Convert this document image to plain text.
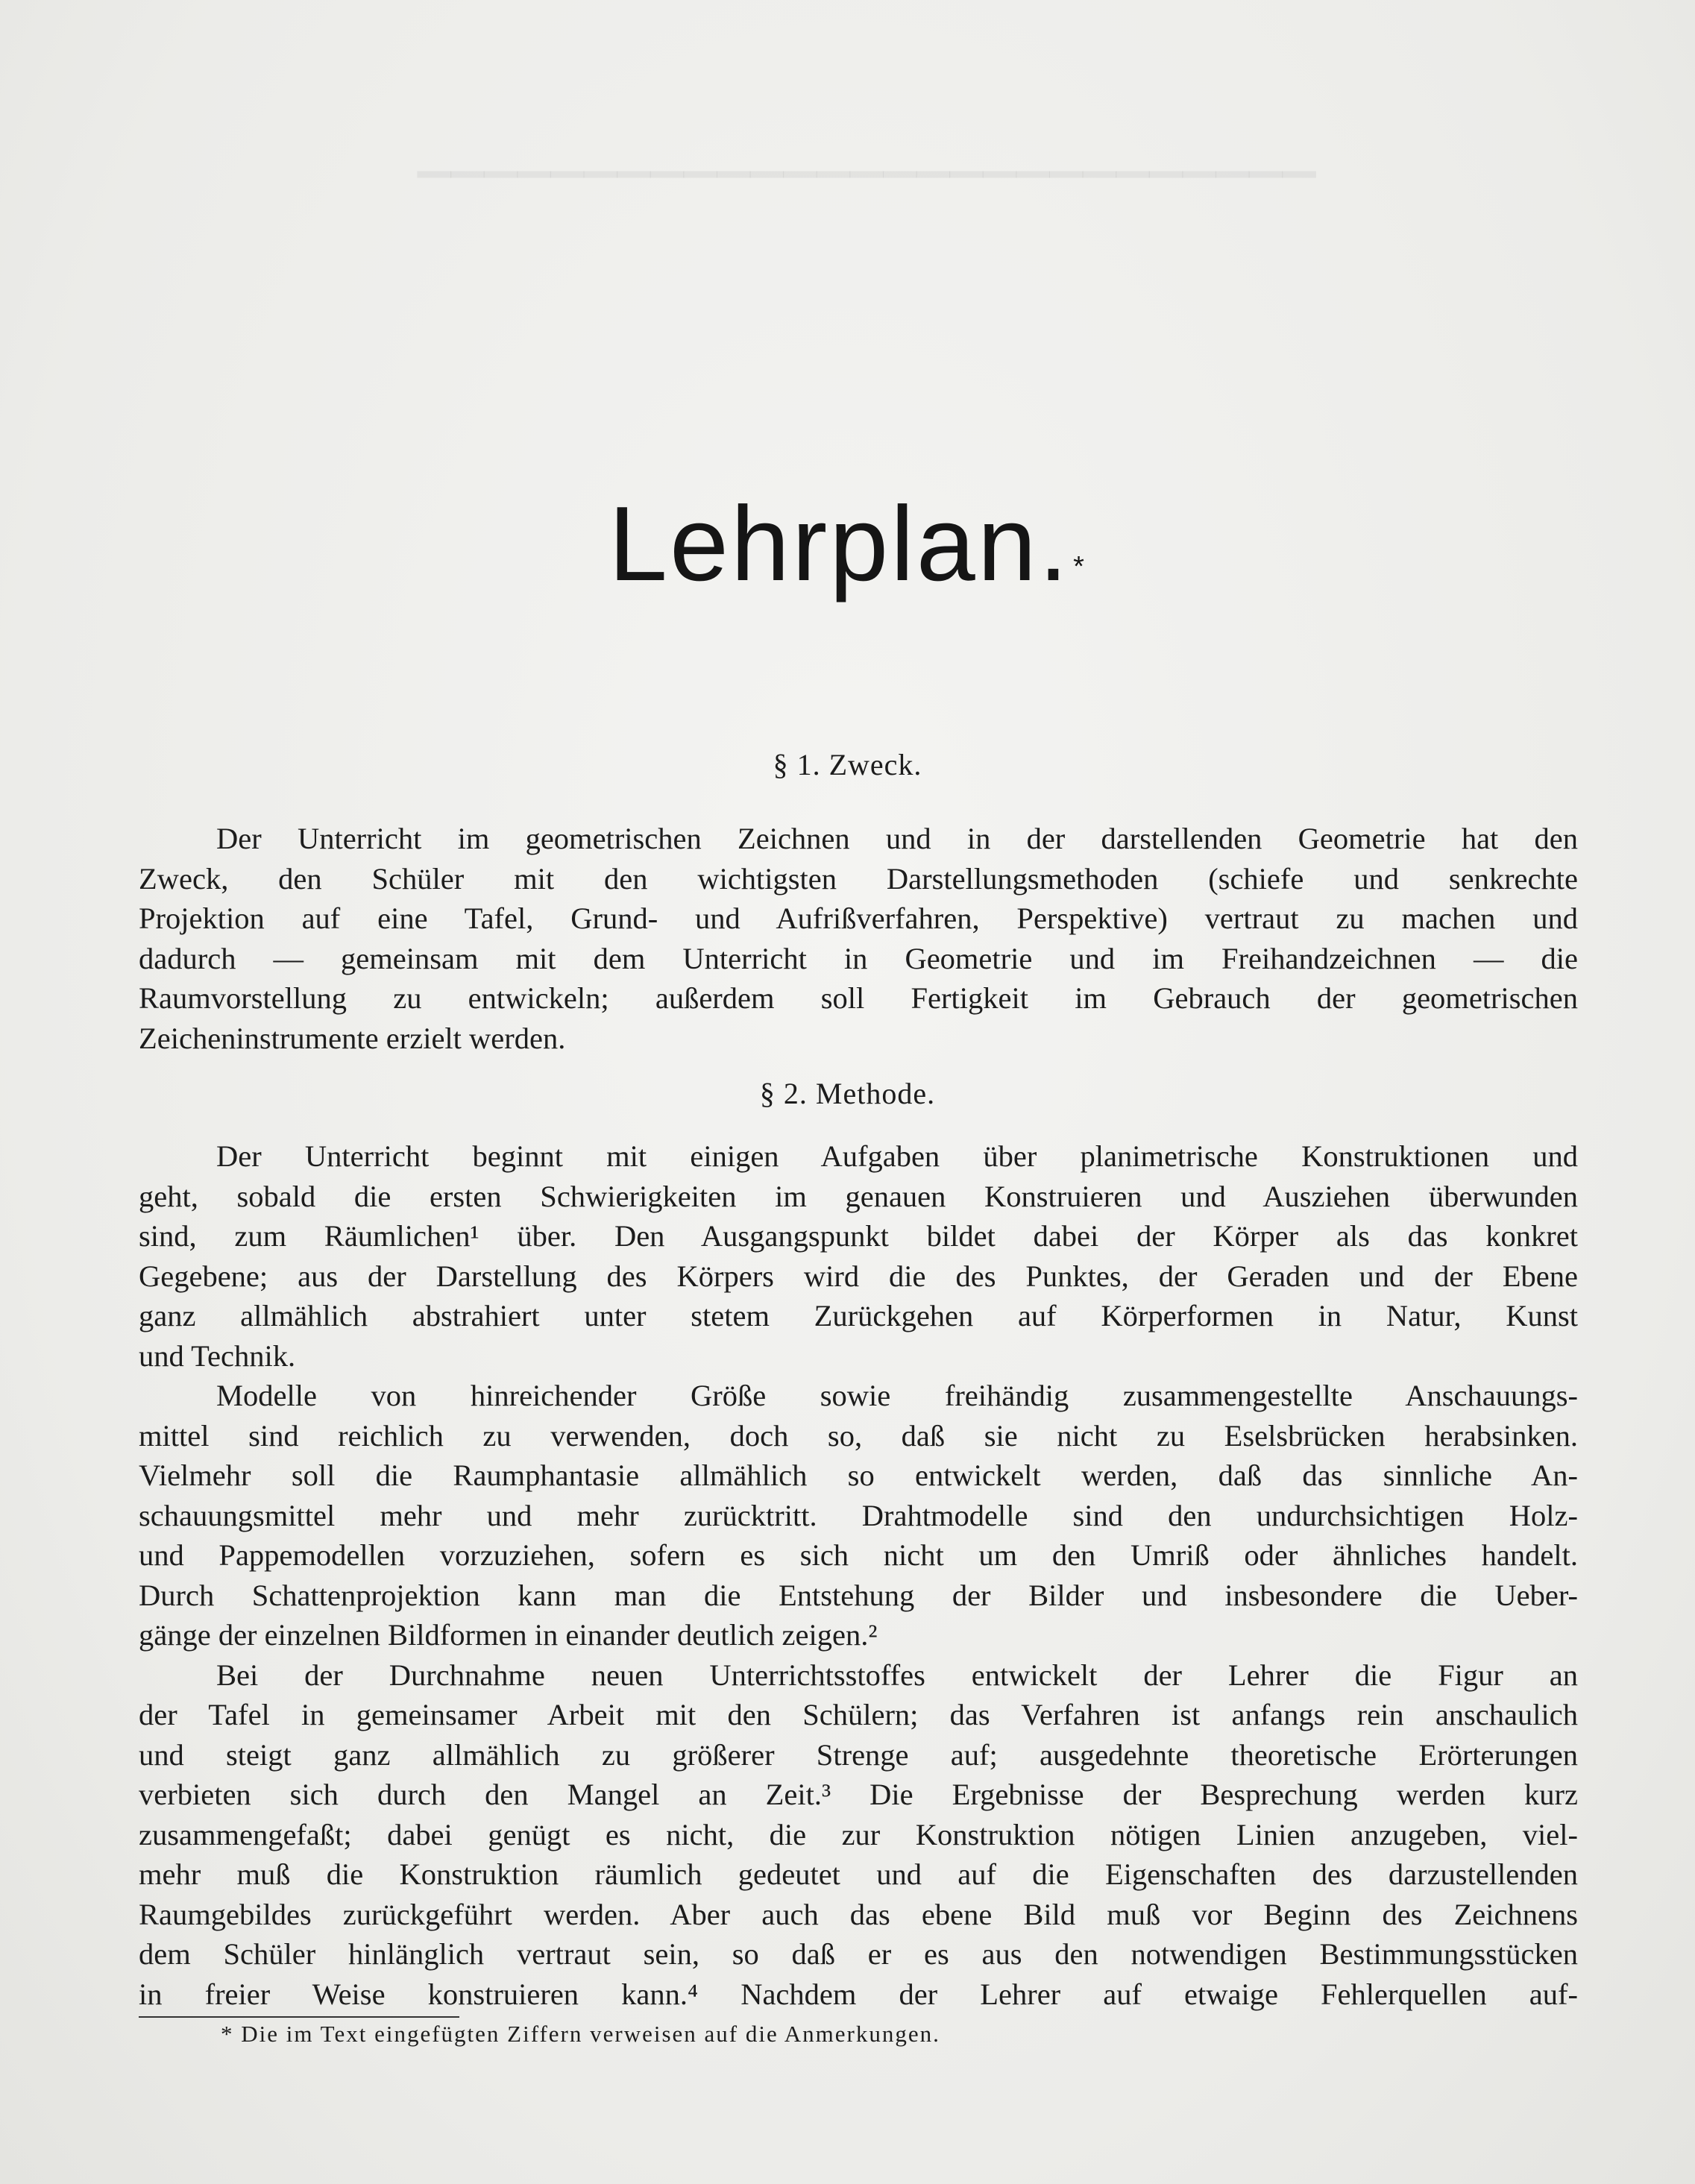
▁▁▁▁▁▁▁▁▁▁▁▁▁▁▁▁▁▁▁▁▁▁▁▁▁▁▁
Lehrplan. *
§ 1. Zweck.
Der Unterricht im geometrischen Zeichnen und in der darstellenden Geometrie hat den
Zweck, den Schüler mit den wichtigsten Darstellungsmethoden (schiefe und senkrechte
Projektion auf eine Tafel, Grund- und Aufrißverfahren, Perspektive) vertraut zu machen und
dadurch — gemeinsam mit dem Unterricht in Geometrie und im Freihandzeichnen — die
Raumvorstellung zu entwickeln; außerdem soll Fertigkeit im Gebrauch der geometrischen
Zeicheninstrumente erzielt werden.
§ 2. Methode.
Der Unterricht beginnt mit einigen Aufgaben über planimetrische Konstruktionen und
geht, sobald die ersten Schwierigkeiten im genauen Konstruieren und Ausziehen überwunden
sind, zum Räumlichen¹ über. Den Ausgangspunkt bildet dabei der Körper als das konkret
Gegebene; aus der Darstellung des Körpers wird die des Punktes, der Geraden und der Ebene
ganz allmählich abstrahiert unter stetem Zurückgehen auf Körperformen in Natur, Kunst
und Technik.
Modelle von hinreichender Größe sowie freihändig zusammengestellte Anschauungs-
mittel sind reichlich zu verwenden, doch so, daß sie nicht zu Eselsbrücken herabsinken.
Vielmehr soll die Raumphantasie allmählich so entwickelt werden, daß das sinnliche An-
schauungsmittel mehr und mehr zurücktritt. Drahtmodelle sind den undurchsichtigen Holz-
und Pappemodellen vorzuziehen, sofern es sich nicht um den Umriß oder ähnliches handelt.
Durch Schattenprojektion kann man die Entstehung der Bilder und insbesondere die Ueber-
gänge der einzelnen Bildformen in einander deutlich zeigen.²
Bei der Durchnahme neuen Unterrichtsstoffes entwickelt der Lehrer die Figur an
der Tafel in gemeinsamer Arbeit mit den Schülern; das Verfahren ist anfangs rein anschaulich
und steigt ganz allmählich zu größerer Strenge auf; ausgedehnte theoretische Erörterungen
verbieten sich durch den Mangel an Zeit.³ Die Ergebnisse der Besprechung werden kurz
zusammengefaßt; dabei genügt es nicht, die zur Konstruktion nötigen Linien anzugeben, viel-
mehr muß die Konstruktion räumlich gedeutet und auf die Eigenschaften des darzustellenden
Raumgebildes zurückgeführt werden. Aber auch das ebene Bild muß vor Beginn des Zeichnens
dem Schüler hinlänglich vertraut sein, so daß er es aus den notwendigen Bestimmungsstücken
in freier Weise konstruieren kann.⁴ Nachdem der Lehrer auf etwaige Fehlerquellen auf-
* Die im Text eingefügten Ziffern verweisen auf die Anmerkungen.
